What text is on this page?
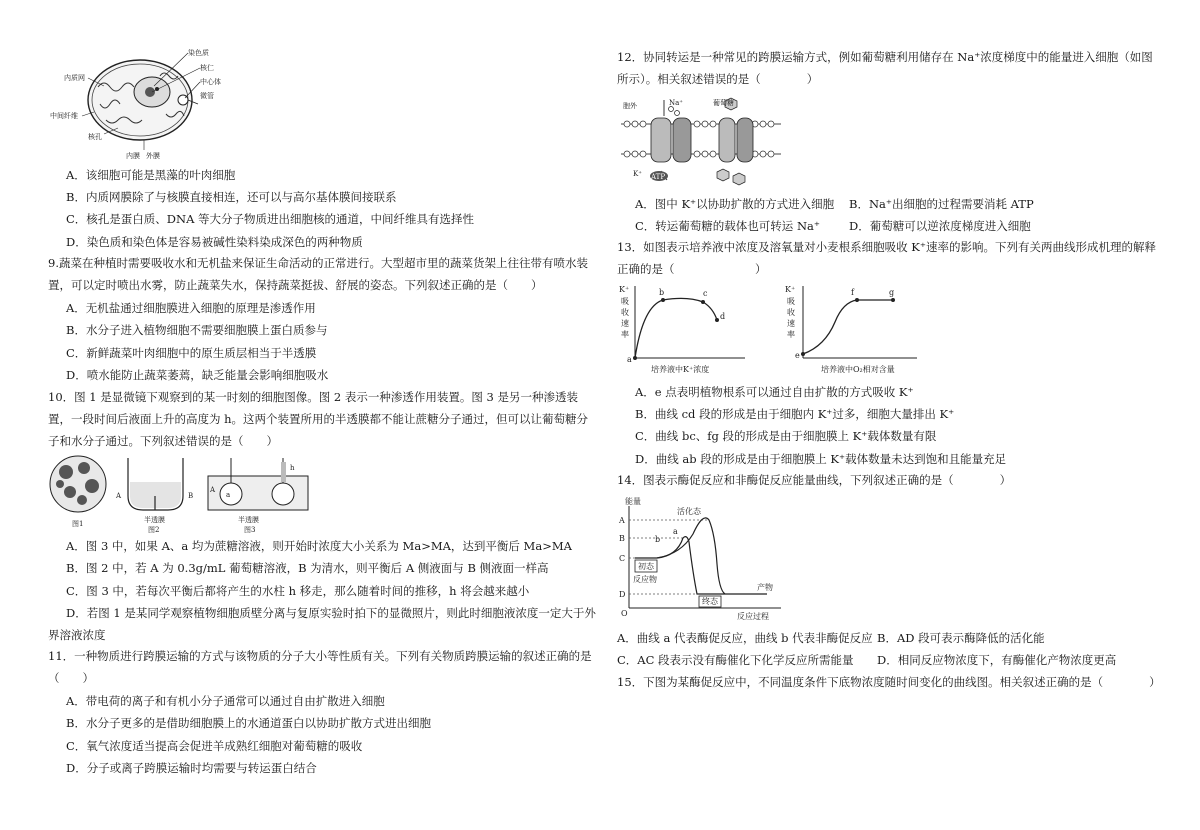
染色质
核仁
中心体
微管
内质网
中间纤维
核孔
内膜 外膜
A．该细胞可能是黑藻的叶肉细胞
B．内质网膜除了与核膜直接相连，还可以与高尔基体膜间接联系
C．核孔是蛋白质、DNA 等大分子物质进出细胞核的通道，中间纤维具有选择性
D．染色质和染色体是容易被碱性染料染成深色的两种物质
9.蔬菜在种植时需要吸收水和无机盐来保证生命活动的正常进行。大型超市里的蔬菜货架上往往带有喷水装置，可以定时喷出水雾，防止蔬菜失水，保持蔬菜挺拔、舒展的姿态。下列叙述正确的是（　　）
A．无机盐通过细胞膜进入细胞的原理是渗透作用
B．水分子进入植物细胞不需要细胞膜上蛋白质参与
C．新鲜蔬菜叶肉细胞中的原生质层相当于半透膜
D．喷水能防止蔬菜萎蔫，缺乏能量会影响细胞吸水
10．图 1 是显微镜下观察到的某一时刻的细胞图像。图 2 表示一种渗透作用装置。图 3 是另一种渗透装置，一段时间后液面上升的高度为 h。这两个装置所用的半透膜都不能让蔗糖分子通过，但可以让葡萄糖分子和水分子通过。下列叙述错误的是（　　）
图1
A	B
半透膜
图2
h
A
a
半透膜
图3
A．图 3 中，如果 A、a 均为蔗糖溶液，则开始时浓度大小关系为 Ma>MA，达到平衡后 Ma>MA
B．图 2 中，若 A 为 0.3g/mL 葡萄糖溶液，B 为清水，则平衡后 A 侧液面与 B 侧液面一样高
C．图 3 中，若每次平衡后都将产生的水柱 h 移走，那么随着时间的推移，h 将会越来越小
D．若图 1 是某同学观察植物细胞质壁分离与复原实验时拍下的显微照片，则此时细胞液浓度一定大于外
界溶液浓度
11．一种物质进行跨膜运输的方式与该物质的分子大小等性质有关。下列有关物质跨膜运输的叙述正确的是（　　）
A．带电荷的离子和有机小分子通常可以通过自由扩散进入细胞
B．水分子更多的是借助细胞膜上的水通道蛋白以协助扩散方式进出细胞
C．氧气浓度适当提高会促进羊成熟红细胞对葡萄糖的吸收
D．分子或离子跨膜运输时均需要与转运蛋白结合
12．协同转运是一种常见的跨膜运输方式，例如葡萄糖利用储存在 Na⁺浓度梯度中的能量进入细胞（如图所示）。相关叙述错误的是（　　　　）
ATP
胞外	Na⁺	葡萄糖
K⁺
A．图中 K⁺以协助扩散的方式进入细胞 B．Na⁺出细胞的过程需要消耗 ATP
C．转运葡萄糖的载体也可转运 Na⁺	D．葡萄糖可以逆浓度梯度进入细胞
13．如图表示培养液中浓度及溶氧量对小麦根系细胞吸收 K⁺速率的影响。下列有关两曲线形成机理的解释正确的是（　　　　　　　）
K⁺
吸
收
速
率
a
b	c
d
培养液中K⁺浓度
K⁺
吸
收
速
率
e
f	g
培养液中O₂相对含量
A．e 点表明植物根系可以通过自由扩散的方式吸收 K⁺
B．曲线 cd 段的形成是由于细胞内 K⁺过多，细胞大量排出 K⁺
C．曲线 bc、fg 段的形成是由于细胞膜上 K⁺载体数量有限
D．曲线 ab 段的形成是由于细胞膜上 K⁺载体数量未达到饱和且能量充足
14．图表示酶促反应和非酶促反应能量曲线，下列叙述正确的是（　　　　）
能量
A
B
C
D
O
a
b
活化态
初态
反应物
产物
终态
反应过程
A．曲线 a 代表酶促反应，曲线 b 代表非酶促反应 B．AD 段可表示酶降低的活化能
C．AC 段表示没有酶催化下化学反应所需能量 D．相同反应物浓度下，有酶催化产物浓度更高
15．下图为某酶促反应中，不同温度条件下底物浓度随时间变化的曲线图。相关叙述正确的是（　　　　）
